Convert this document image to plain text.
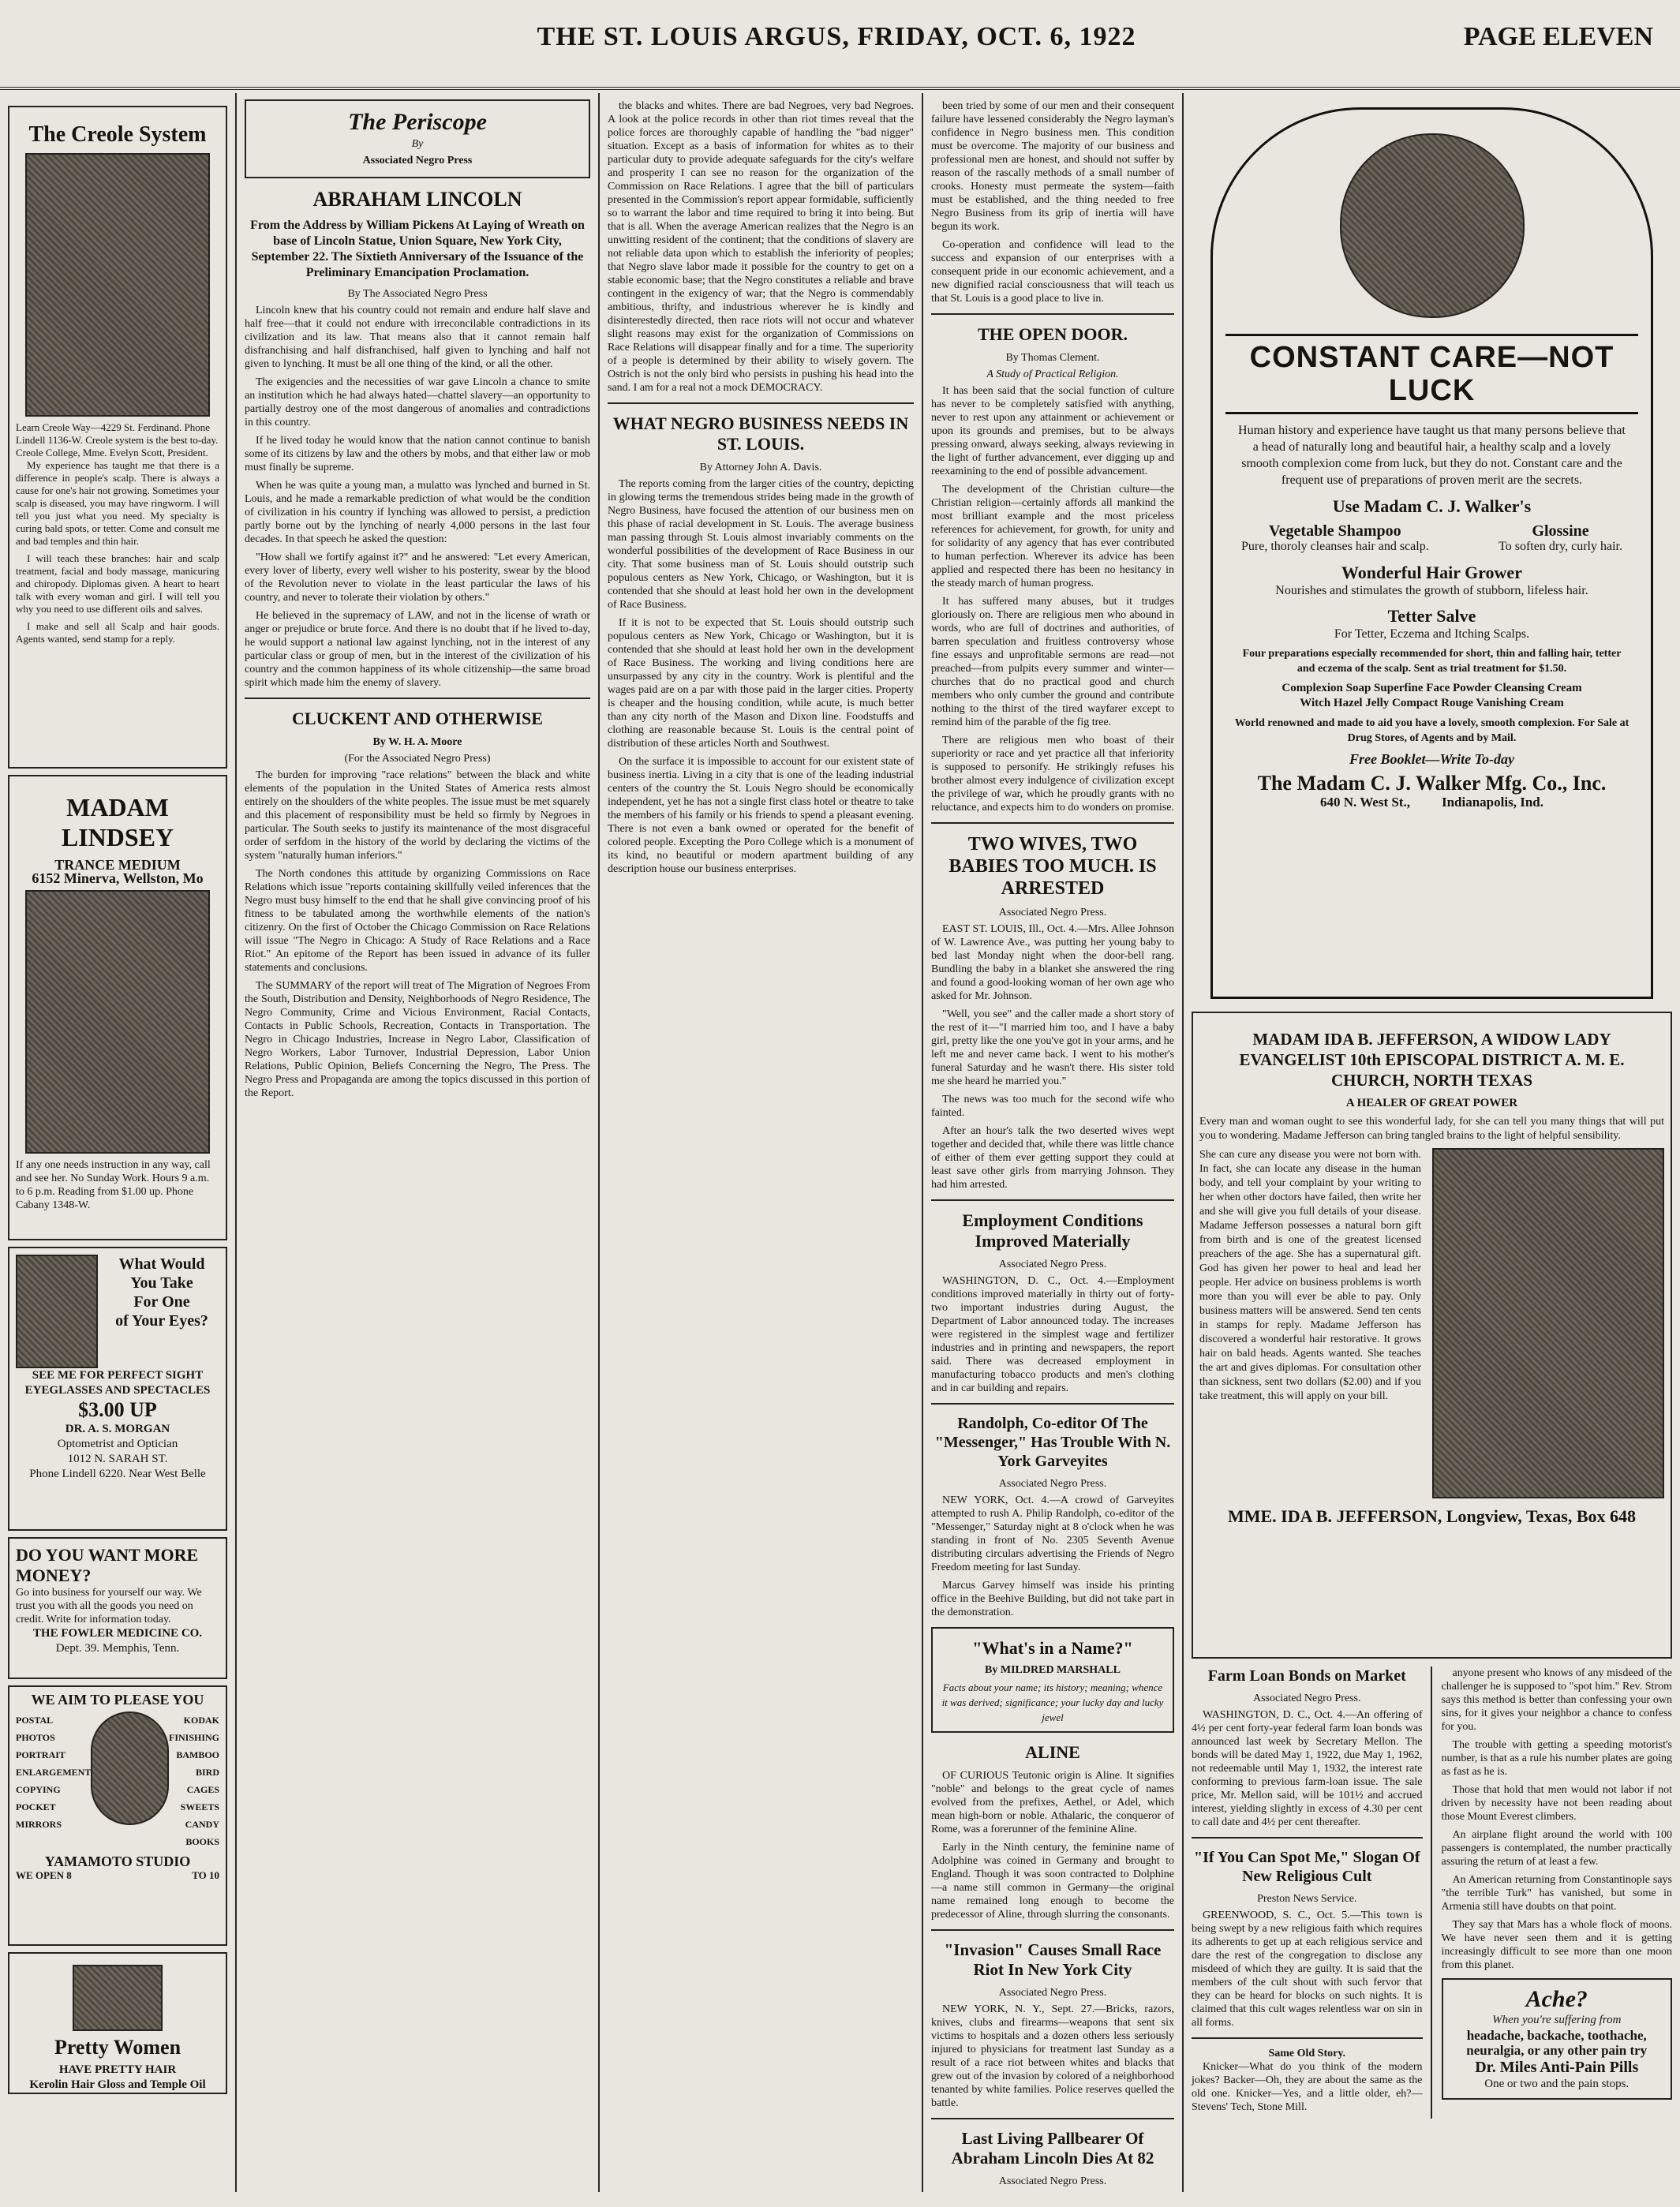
THE ST. LOUIS ARGUS, FRIDAY, OCT. 6, 1922	PAGE ELEVEN
The Creole System
Learn Creole Way—4229 St. Ferdinand. Phone Lindell 1136-W. Creole system is the best to-day. Creole College, Mme. Evelyn Scott, President.

My experience has taught me that there is a difference in people's scalp. There is always a cause for one's hair not growing. Sometimes your scalp is diseased, you may have ringworm. I will tell you just what you need. My specialty is curing bald spots, or tetter. Come and consult me and bad temples and thin hair.

I will teach these branches: hair and scalp treatment, facial and body massage, manicuring and chiropody. Diplomas given. A heart to heart talk with every woman and girl. I will tell you why you need to use different oils and salves.

I make and sell all Scalp and hair goods. Agents wanted, send stamp for a reply.

MADAM LINDSEY
TRANCE MEDIUM
6152 Minerva, Wellston, Mo
If any one needs instruction in any way, call and see her. No Sunday Work. Hours 9 a.m. to 6 p.m. Reading from $1.00 up. Phone Cabany 1348-W.
What Would
You Take
For One
of Your Eyes?
SEE ME FOR PERFECT SIGHT
EYEGLASSES AND SPECTACLES
$3.00 UP
DR. A. S. MORGAN
Optometrist and Optician
1012 N. SARAH ST.
Phone Lindell 6220. Near West Belle
DO YOU WANT MORE MONEY?
Go into business for yourself our way. We trust you with all the goods you need on credit. Write for information today.
THE FOWLER MEDICINE CO.
Dept. 39. Memphis, Tenn.
WE AIM TO PLEASE YOU
POSTAL
PHOTOS
PORTRAIT
ENLARGEMENT
COPYING
POCKET MIRRORS
KODAK
FINISHING
BAMBOO
BIRD CAGES
SWEETS
CANDY
BOOKS
YAMAMOTO STUDIO
WE OPEN 8	TO 10
Pretty Women
HAVE PRETTY HAIR
Kerolin Hair Gloss and Temple Oil
The Periscope
By
Associated Negro Press
ABRAHAM LINCOLN
From the Address by William Pickens At Laying of Wreath on base of Lincoln Statue, Union Square, New York City, September 22. The Sixtieth Anniversary of the Issuance of the Preliminary Emancipation Proclamation.
By The Associated Negro Press

Lincoln knew that his country could not remain and endure half slave and half free—that it could not endure with irreconcilable contradictions in its civilization and its law. That means also that it cannot remain half disfranchising and half disfranchised, half given to lynching and half not given to lynching. It must be all one thing of the kind, or all the other.

The exigencies and the necessities of war gave Lincoln a chance to smite an institution which he had always hated—chattel slavery—an opportunity to partially destroy one of the most dangerous of anomalies and contradictions in this country.

If he lived today he would know that the nation cannot continue to banish some of its citizens by law and the others by mobs, and that either law or mob must finally be supreme.

When he was quite a young man, a mulatto was lynched and burned in St. Louis, and he made a remarkable prediction of what would be the condition of civilization in his country if lynching was allowed to persist, a prediction partly borne out by the lynching of nearly 4,000 persons in the last four decades. In that speech he asked the question:

"How shall we fortify against it?" and he answered: "Let every American, every lover of liberty, every well wisher to his posterity, swear by the blood of the Revolution never to violate in the least particular the laws of his country, and never to tolerate their violation by others."

He believed in the supremacy of LAW, and not in the license of wrath or anger or prejudice or brute force. And there is no doubt that if he lived to-day, he would support a national law against lynching, not in the interest of any particular class or group of men, but in the interest of the civilization of his country and the common happiness of its whole citizenship—the same broad spirit which made him the enemy of slavery.

CLUCKENT AND OTHERWISE
By W. H. A. Moore
(For the Associated Negro Press)

The burden for improving "race relations" between the black and white elements of the population in the United States of America rests almost entirely on the shoulders of the white peoples. The issue must be met squarely and this placement of responsibility must be held so firmly by Negroes in particular. The South seeks to justify its maintenance of the most disgraceful order of serfdom in the history of the world by declaring the victims of the system "naturally human inferiors."

The North condones this attitude by organizing Commissions on Race Relations which issue "reports containing skillfully veiled inferences that the Negro must busy himself to the end that he shall give convincing proof of his fitness to be tabulated among the worthwhile elements of the nation's citizenry. On the first of October the Chicago Commission on Race Relations will issue "The Negro in Chicago: A Study of Race Relations and a Race Riot." An epitome of the Report has been issued in advance of its fuller statements and conclusions.

The SUMMARY of the report will treat of The Migration of Negroes From the South, Distribution and Density, Neighborhoods of Negro Residence, The Negro Community, Crime and Vicious Environment, Racial Contacts, Contacts in Public Schools, Recreation, Contacts in Transportation. The Negro in Chicago Industries, Increase in Negro Labor, Classification of Negro Workers, Labor Turnover, Industrial Depression, Labor Union Relations, Public Opinion, Beliefs Concerning the Negro, The Press. The Negro Press and Propaganda are among the topics discussed in this portion of the Report.

the blacks and whites. There are bad Negroes, very bad Negroes. A look at the police records in other than riot times reveal that the police forces are thoroughly capable of handling the "bad nigger" situation. Except as a basis of information for whites as to their particular duty to provide adequate safeguards for the city's welfare and prosperity I can see no reason for the organization of the Commission on Race Relations. I agree that the bill of particulars presented in the Commission's report appear formidable, sufficiently so to warrant the labor and time required to bring it into being. But that is all. When the average American realizes that the Negro is an unwitting resident of the continent; that the conditions of slavery are not reliable data upon which to establish the inferiority of peoples; that Negro slave labor made it possible for the country to get on a stable economic base; that the Negro constitutes a reliable and brave contingent in the exigency of war; that the Negro is commendably ambitious, thrifty, and industrious wherever he is kindly and disinterestedly directed, then race riots will not occur and whatever slight reasons may exist for the organization of Commissions on Race Relations will disappear finally and for a time. The superiority of a people is determined by their ability to wisely govern. The Ostrich is not the only bird who persists in pushing his head into the sand. I am for a real not a mock DEMOCRACY.

WHAT NEGRO BUSINESS NEEDS IN ST. LOUIS.
By Attorney John A. Davis.

The reports coming from the larger cities of the country, depicting in glowing terms the tremendous strides being made in the growth of Negro Business, have focused the attention of our business men on this phase of racial development in St. Louis. The average business man passing through St. Louis almost invariably comments on the wonderful possibilities of the development of Race Business in our city. That some business man of St. Louis should outstrip such populous centers as New York, Chicago, or Washington, but it is contended that she should at least hold her own in the development of Race Business.

If it is not to be expected that St. Louis should outstrip such populous centers as New York, Chicago or Washington, but it is contended that she should at least hold her own in the development of Race Business. The working and living conditions here are unsurpassed by any city in the country. Work is plentiful and the wages paid are on a par with those paid in the larger cities. Property is cheaper and the housing condition, while acute, is much better than any city north of the Mason and Dixon line. Foodstuffs and clothing are reasonable because St. Louis is the central point of distribution of these articles North and Southwest.

On the surface it is impossible to account for our existent state of business inertia. Living in a city that is one of the leading industrial centers of the country the St. Louis Negro should be economically independent, yet he has not a single first class hotel or theatre to take the members of his family or his friends to spend a pleasant evening. There is not even a bank owned or operated for the benefit of colored people. Excepting the Poro College which is a monument of its kind, no beautiful or modern apartment building of any description house our business enterprises.

been tried by some of our men and their consequent failure have lessened considerably the Negro layman's confidence in Negro business men. This condition must be overcome. The majority of our business and professional men are honest, and should not suffer by reason of the rascally methods of a small number of crooks. Honesty must permeate the system—faith must be established, and the thing needed to free Negro Business from its grip of inertia will have begun its work.

Co-operation and confidence will lead to the success and expansion of our enterprises with a consequent pride in our economic achievement, and a new dignified racial consciousness that will teach us that St. Louis is a good place to live in.

THE OPEN DOOR.
By Thomas Clement.
A Study of Practical Religion.

It has been said that the social function of culture has never to be completely satisfied with anything, never to rest upon any attainment or achievement or upon its grounds and premises, but to be always pressing onward, always seeking, always reviewing in the light of further advancement, ever digging up and reexamining to the end of possible advancement.

The development of the Christian culture—the Christian religion—certainly affords all mankind the most brilliant example and the most priceless references for achievement, for growth, for unity and for solidarity of any agency that has ever contributed to human perfection. Wherever its advice has been applied and respected there has been no hesitancy in the steady march of human progress.

It has suffered many abuses, but it trudges gloriously on. There are religious men who abound in words, who are full of doctrines and authorities, of barren speculation and fruitless controversy whose fine essays and unprofitable sermons are read—not preached—from pulpits every summer and winter—churches that do no practical good and church members who only cumber the ground and contribute nothing to the thirst of the tired wayfarer except to remind him of the parable of the fig tree.

There are religious men who boast of their superiority or race and yet practice all that inferiority is supposed to personify. He strikingly refuses his brother almost every indulgence of civilization except the privilege of war, which he proudly grants with no reluctance, and expects him to do wonders on promise.

TWO WIVES, TWO BABIES TOO MUCH. IS ARRESTED
Associated Negro Press.

EAST ST. LOUIS, Ill., Oct. 4.—Mrs. Allee Johnson of W. Lawrence Ave., was putting her young baby to bed last Monday night when the door-bell rang. Bundling the baby in a blanket she answered the ring and found a good-looking woman of her own age who asked for Mr. Johnson.

"Well, you see" and the caller made a short story of the rest of it—"I married him too, and I have a baby girl, pretty like the one you've got in your arms, and he left me and never came back. I went to his mother's funeral Saturday and he wasn't there. His sister told me she heard he married you."

The news was too much for the second wife who fainted.

After an hour's talk the two deserted wives wept together and decided that, while there was little chance of either of them ever getting support they could at least save other girls from marrying Johnson. They had him arrested.

Employment Conditions Improved Materially
Associated Negro Press.

WASHINGTON, D. C., Oct. 4.—Employment conditions improved materially in thirty out of forty-two important industries during August, the Department of Labor announced today. The increases were registered in the simplest wage and fertilizer industries and in printing and newspapers, the report said. There was decreased employment in manufacturing tobacco products and men's clothing and in car building and repairs.

Randolph, Co-editor Of The "Messenger," Has Trouble With N. York Garveyites
Associated Negro Press.

NEW YORK, Oct. 4.—A crowd of Garveyites attempted to rush A. Philip Randolph, co-editor of the "Messenger," Saturday night at 8 o'clock when he was standing in front of No. 2305 Seventh Avenue distributing circulars advertising the Friends of Negro Freedom meeting for last Sunday.

Marcus Garvey himself was inside his printing office in the Beehive Building, but did not take part in the demonstration.

"What's in a Name?"
By MILDRED MARSHALL
Facts about your name; its history; meaning; whence it was derived; significance; your lucky day and lucky jewel
ALINE

OF CURIOUS Teutonic origin is Aline. It signifies "noble" and belongs to the great cycle of names evolved from the prefixes, Aethel, or Adel, which mean high-born or noble. Athalaric, the conqueror of Rome, was a forerunner of the feminine Aline.

Early in the Ninth century, the feminine name of Adolphine was coined in Germany and brought to England. Though it was soon contracted to Dolphine—a name still common in Germany—the original name remained long enough to become the predecessor of Aline, through slurring the consonants.

"Invasion" Causes Small Race Riot In New York City
Associated Negro Press.

NEW YORK, N. Y., Sept. 27.—Bricks, razors, knives, clubs and firearms—weapons that sent six victims to hospitals and a dozen others less seriously injured to physicians for treatment last Sunday as a result of a race riot between whites and blacks that grew out of the invasion by colored of a neighborhood tenanted by white families. Police reserves quelled the battle.

Last Living Pallbearer Of Abraham Lincoln Dies At 82
Associated Negro Press.
CONSTANT CARE—NOT LUCK
Human history and experience have taught us that many persons believe that a head of naturally long and beautiful hair, a healthy scalp and a lovely smooth complexion come from luck, but they do not. Constant care and the frequent use of preparations of proven merit are the secrets.
Use Madam C. J. Walker's
Vegetable Shampoo
Pure, thoroly cleanses hair and scalp.
Glossine
To soften dry, curly hair.
Wonderful Hair Grower
Nourishes and stimulates the growth of stubborn, lifeless hair.
Tetter Salve
For Tetter, Eczema and Itching Scalps.
Four preparations especially recommended for short, thin and falling hair, tetter and eczema of the scalp. Sent as trial treatment for $1.50.
Complexion Soap Superfine Face Powder Cleansing Cream
Witch Hazel Jelly Compact Rouge Vanishing Cream
World renowned and made to aid you have a lovely, smooth complexion. For Sale at Drug Stores, of Agents and by Mail.
Free Booklet—Write To-day
The Madam C. J. Walker Mfg. Co., Inc.
640 N. West St., Indianapolis, Ind.
MADAM IDA B. JEFFERSON, A WIDOW LADY EVANGELIST 10th EPISCOPAL DISTRICT A. M. E. CHURCH, NORTH TEXAS
A HEALER OF GREAT POWER
Every man and woman ought to see this wonderful lady, for she can tell you many things that will put you to wondering. Madame Jefferson can bring tangled brains to the light of helpful sensibility.
She can cure any disease you were not born with. In fact, she can locate any disease in the human body, and tell your complaint by your writing to her when other doctors have failed, then write her and she will give you full details of your disease. Madame Jefferson possesses a natural born gift from birth and is one of the greatest licensed preachers of the age. She has a supernatural gift. God has given her power to heal and lead her people. Her advice on business problems is worth more than you will ever be able to pay. Only business matters will be answered. Send ten cents in stamps for reply. Madame Jefferson has discovered a wonderful hair restorative. It grows hair on bald heads. Agents wanted. She teaches the art and gives diplomas. For consultation other than sickness, sent two dollars ($2.00) and if you take treatment, this will apply on your bill.
MME. IDA B. JEFFERSON, Longview, Texas, Box 648
Farm Loan Bonds on Market
Associated Negro Press.

WASHINGTON, D. C., Oct. 4.—An offering of 4½ per cent forty-year federal farm loan bonds was announced last week by Secretary Mellon. The bonds will be dated May 1, 1922, due May 1, 1962, not redeemable until May 1, 1932, the interest rate conforming to previous farm-loan issue. The sale price, Mr. Mellon said, will be 101½ and accrued interest, yielding slightly in excess of 4.30 per cent to call date and 4½ per cent thereafter.

"If You Can Spot Me," Slogan Of New Religious Cult
Preston News Service.

GREENWOOD, S. C., Oct. 5.—This town is being swept by a new religious faith which requires its adherents to get up at each religious service and dare the rest of the congregation to disclose any misdeed of which they are guilty. It is said that the members of the cult shout with such fervor that they can be heard for blocks on such nights. It is claimed that this cult wages relentless war on sin in all forms.

Same Old Story.

Knicker—What do you think of the modern jokes? Backer—Oh, they are about the same as the old one. Knicker—Yes, and a little older, eh?—Stevens' Tech, Stone Mill.

anyone present who knows of any misdeed of the challenger he is supposed to "spot him." Rev. Strom says this method is better than confessing your own sins, for it gives your neighbor a chance to confess for you.

The trouble with getting a speeding motorist's number, is that as a rule his number plates are going as fast as he is.

Those that hold that men would not labor if not driven by necessity have not been reading about those Mount Everest climbers.

An airplane flight around the world with 100 passengers is contemplated, the number practically assuring the return of at least a few.

An American returning from Constantinople says "the terrible Turk" has vanished, but some in Armenia still have doubts on that point.

They say that Mars has a whole flock of moons. We have never seen them and it is getting increasingly difficult to see more than one moon from this planet.

Ache?
When you're suffering from
headache, backache, toothache, neuralgia, or any other pain try
Dr. Miles Anti-Pain Pills
One or two and the pain stops.
